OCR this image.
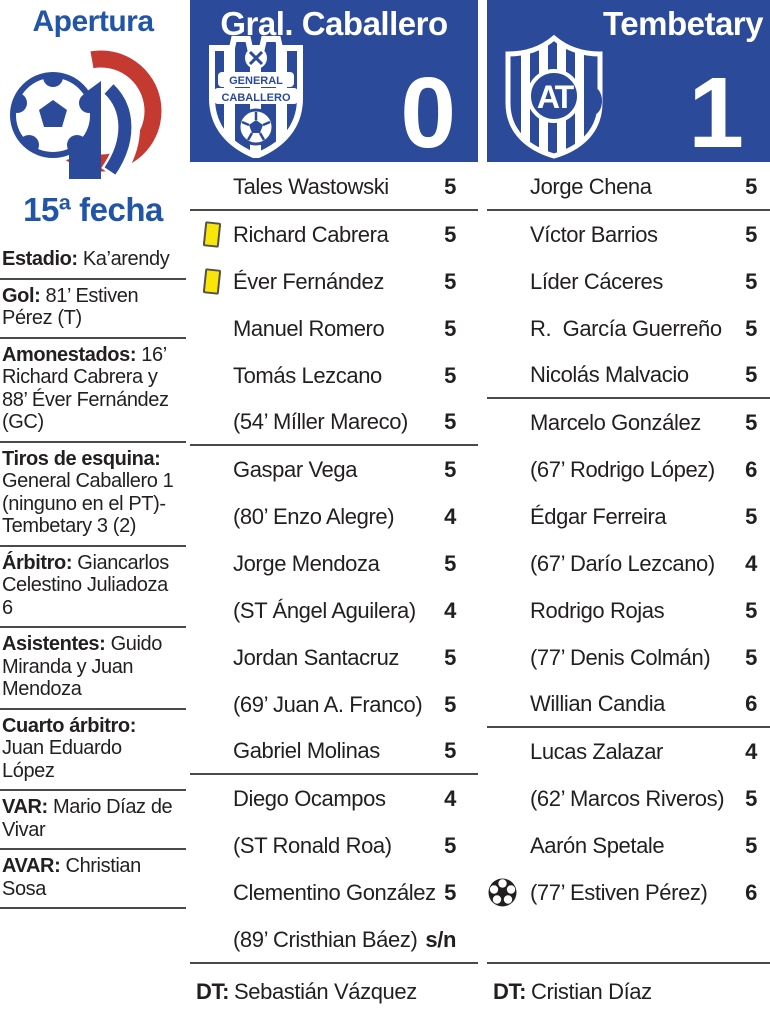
Apertura
15ª fecha
Estadio: Ka’arendy
Gol: 81’ Estiven Pérez (T)
Amonestados: 16’ Richard Cabrera y 88’ Éver Fernández (GC)
Tiros de esquina: General Caballero 1 (ninguno en el PT)-Tembetary 3 (2)
Árbitro: Giancarlos Celestino Juliadoza 6
Asistentes: Guido Miranda y Juan Mendoza
Cuarto árbitro: Juan Eduardo López
VAR: Mario Díaz de Vivar
AVAR: Christian Sosa
Gral. Caballero
GENERAL
CABALLERO 0
Tales Wastowski	5
Richard Cabrera	5
Éver Fernández	5
Manuel Romero	5
Tomás Lezcano	5
(54’ Míller Mareco)	5
Gaspar Vega	5
(80’ Enzo Alegre)	4
Jorge Mendoza	5
(ST Ángel Aguilera)	4
Jordan Santacruz	5
(69’ Juan A. Franco) 5
Gabriel Molinas	5
Diego Ocampos	4
(ST Ronald Roa)	5
Clementino González 5
(89’ Cristhian Báez) s/n
DT: Sebastián Vázquez
Tembetary
AT 1
Jorge Chena	5
Víctor Barrios	5
Líder Cáceres	5
R.  García Guerreño	5
Nicolás Malvacio	5
Marcelo González	5
(67’ Rodrigo López)	6
Édgar Ferreira	5
(67’ Darío Lezcano)	4
Rodrigo Rojas	5
(77’ Denis Colmán)	5
Willian Candia	6
Lucas Zalazar	4
(62’ Marcos Riveros) 5
Aarón Spetale	5
(77’ Estiven Pérez)	6
DT: Cristian Díaz
